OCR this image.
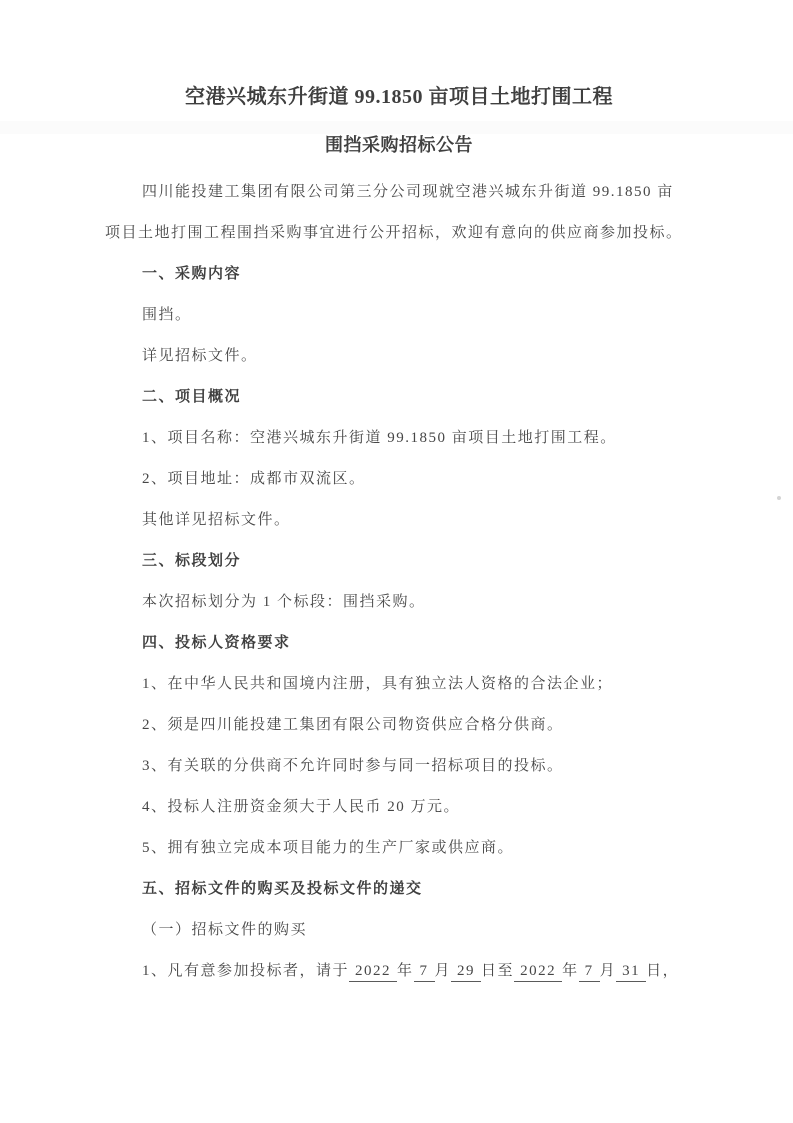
空港兴城东升街道 99.1850 亩项目土地打围工程
围挡采购招标公告

四川能投建工集团有限公司第三分公司现就空港兴城东升街道 99.1850 亩
项目土地打围工程围挡采购事宜进行公开招标，欢迎有意向的供应商参加投标。

一、采购内容

围挡。

详见招标文件。

二、项目概况

1、项目名称：空港兴城东升街道 99.1850 亩项目土地打围工程。

2、项目地址：成都市双流区。

其他详见招标文件。

三、标段划分

本次招标划分为 1 个标段：围挡采购。

四、投标人资格要求

1、在中华人民共和国境内注册，具有独立法人资格的合法企业；

2、须是四川能投建工集团有限公司物资供应合格分供商。

3、有关联的分供商不允许同时参与同一招标项目的投标。

4、投标人注册资金须大于人民币 20 万元。

5、拥有独立完成本项目能力的生产厂家或供应商。

五、招标文件的购买及投标文件的递交

（一）招标文件的购买

1、凡有意参加投标者，请于 2022 年 7 月 29 日至 2022 年 7 月 31 日，
